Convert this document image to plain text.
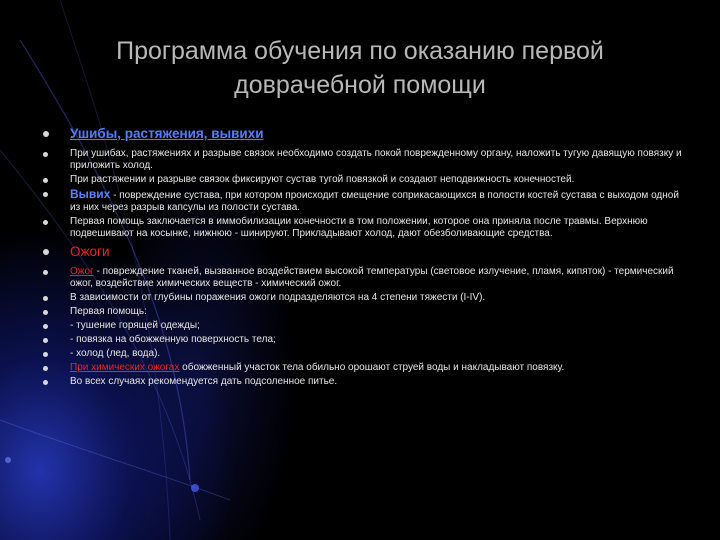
Программа обучения по оказанию первой
доврачебной помощи
Ушибы, растяжения, вывихи
При ушибах, растяжениях и разрыве связок необходимо создать покой поврежденному органу, наложить тугую давящую повязку и приложить холод.
При растяжении и разрыве связок фиксируют сустав тугой повязкой и создают неподвижность конечностей.
Вывих - повреждение сустава, при котором происходит смещение соприкасающихся в полости костей сустава с выходом одной из них через разрыв капсулы из полости сустава.
Первая помощь заключается в иммобилизации конечности в том положении, которое она приняла после травмы. Верхнюю подвешивают на косынке, нижнюю - шинируют. Прикладывают холод, дают обезболивающие средства.
Ожоги
Ожог - повреждение тканей, вызванное воздействием высокой температуры (световое излучение, пламя, кипяток) - термический ожог, воздействие химических веществ - химический ожог.
В зависимости от глубины поражения ожоги подразделяются на 4 степени тяжести (I-IV).
Первая помощь:
- тушение горящей одежды;
- повязка на обожженную поверхность тела;
- холод (лед, вода).
При химических ожогах обожженный участок тела обильно орошают струей воды и накладывают повязку.
Во всех случаях рекомендуется дать подсоленное питье.
